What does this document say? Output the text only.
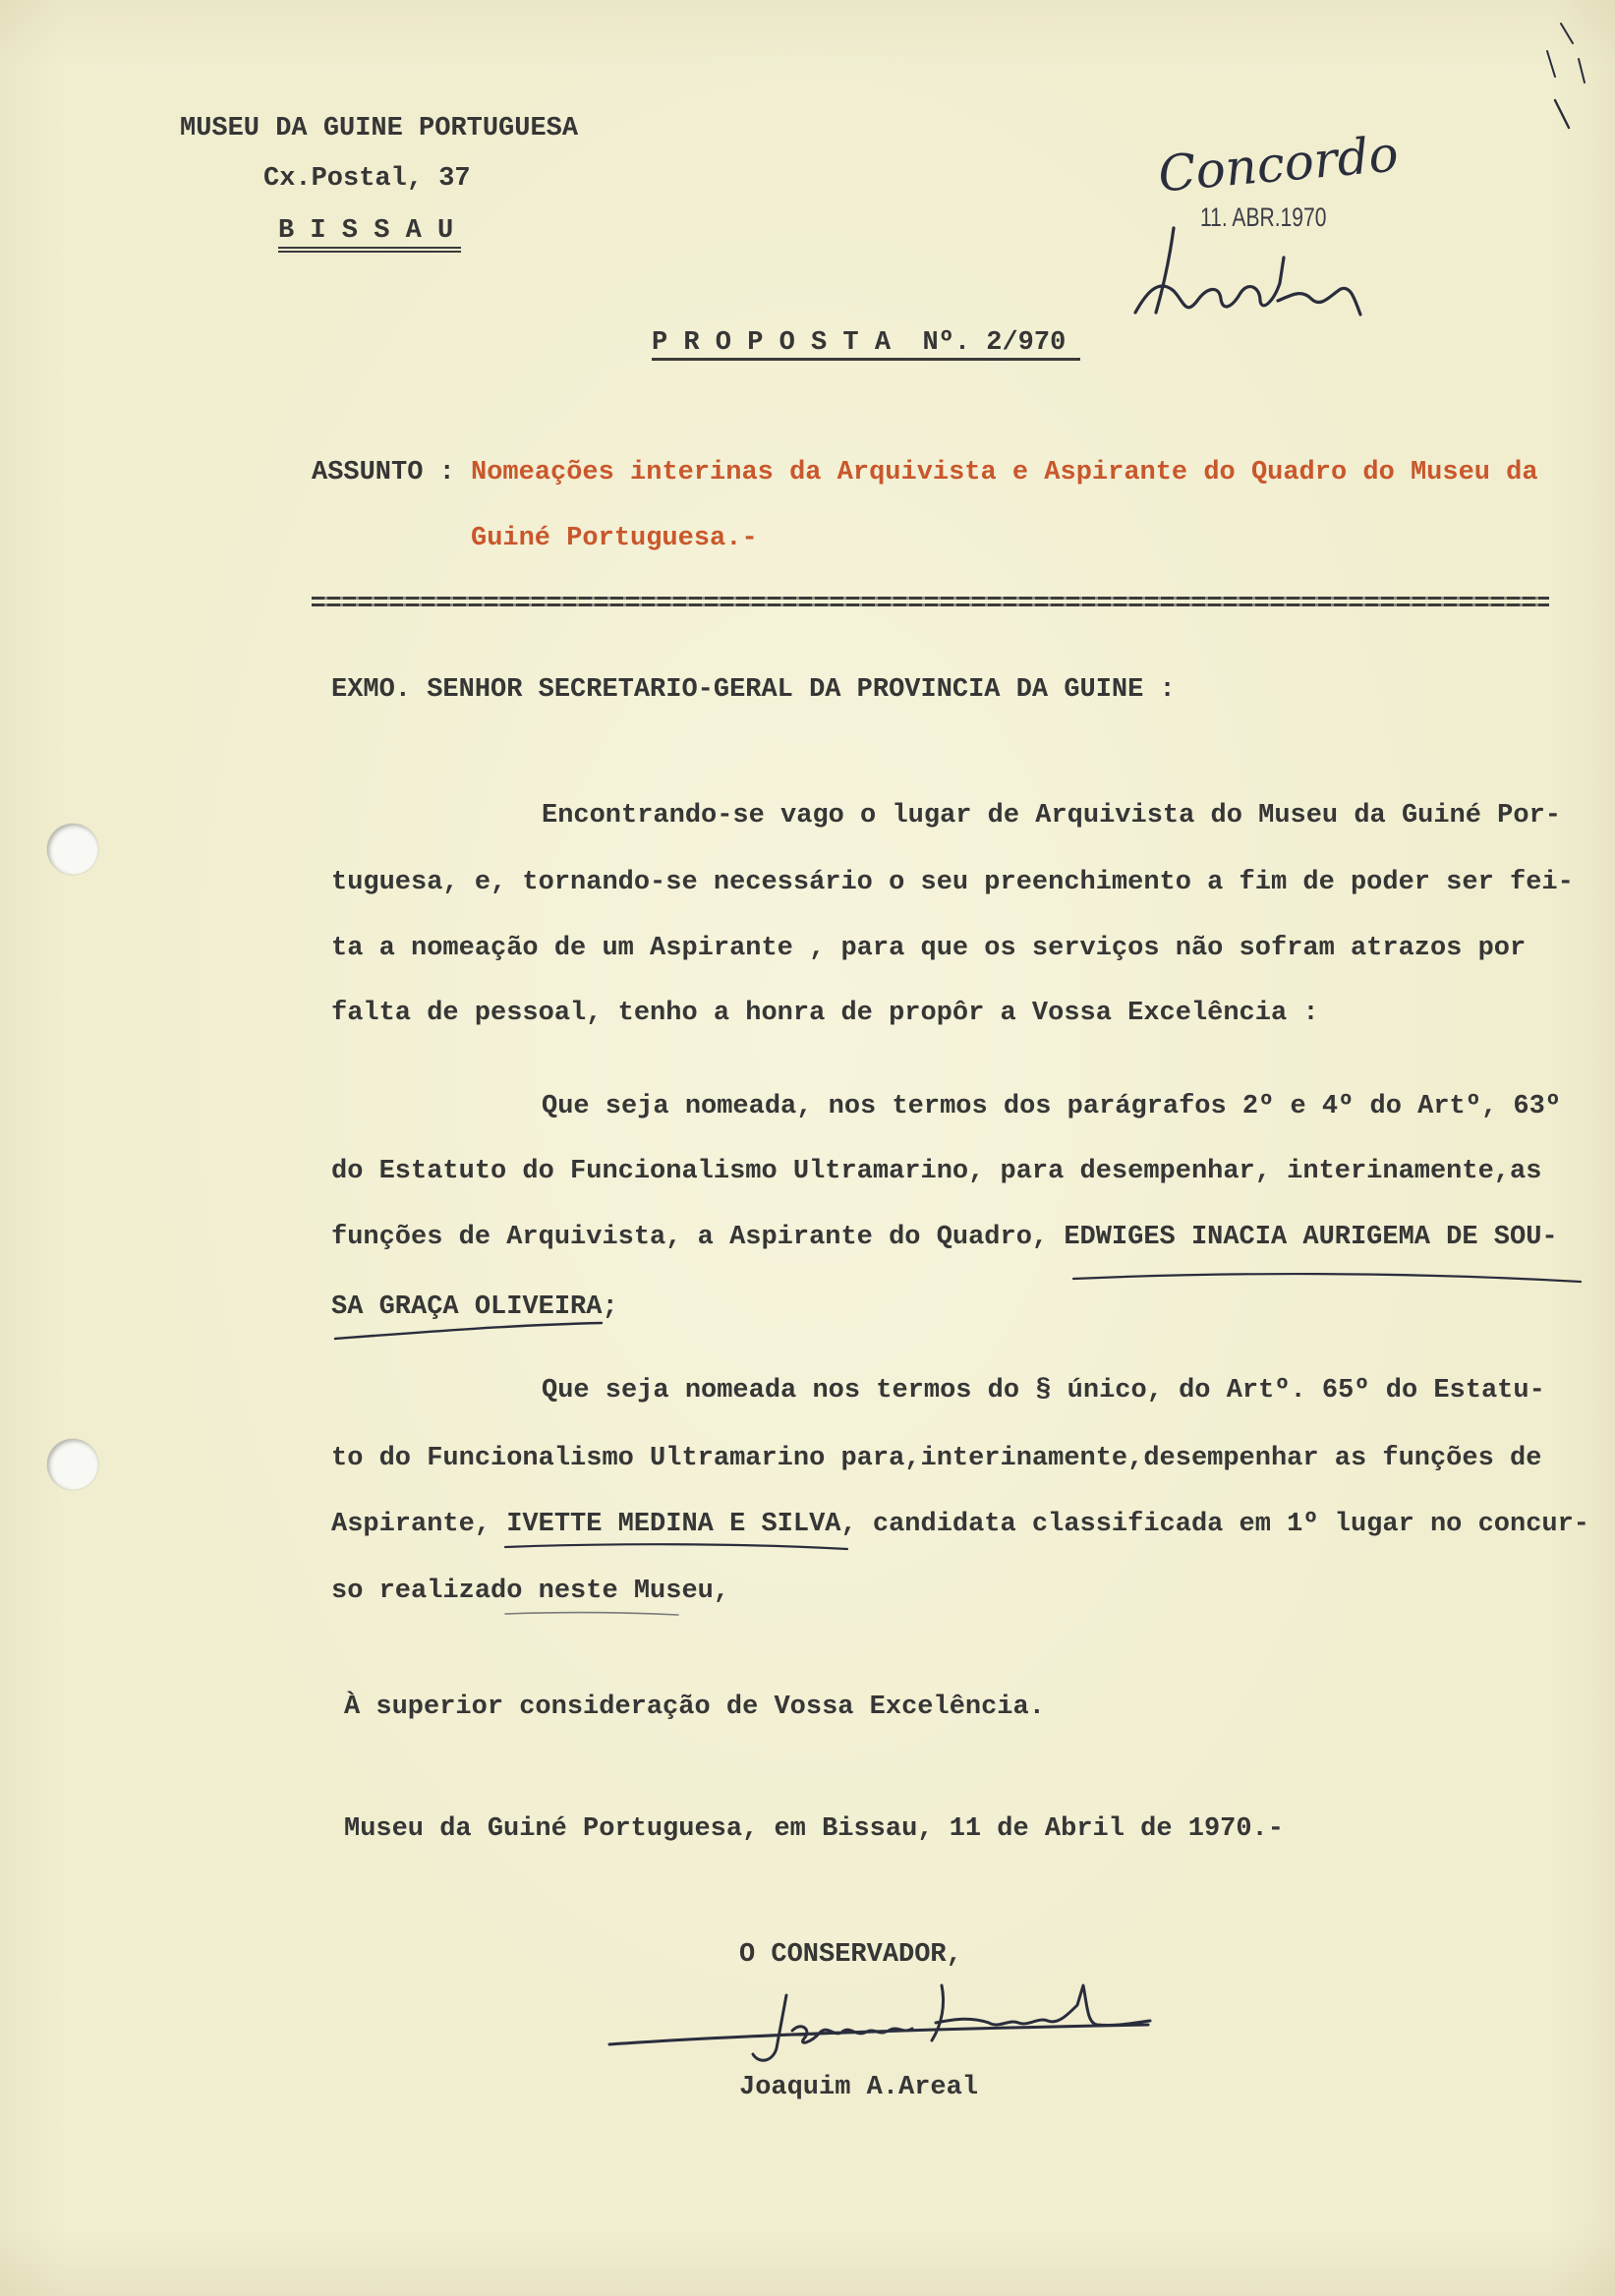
MUSEU DA GUINE PORTUGUESA
Cx.Postal, 37
B I S S A U
Concordo
11. ABR.1970
P R O P O S T A  Nº. 2/970
ASSUNTO : Nomeações interinas da Arquivista e Aspirante do Quadro do Museu da
Guiné Portuguesa.-
EXMO. SENHOR SECRETARIO-GERAL DA PROVINCIA DA GUINE :
Encontrando-se vago o lugar de Arquivista do Museu da Guiné Por-
tuguesa, e, tornando-se necessário o seu preenchimento a fim de poder ser fei-
ta a nomeação de um Aspirante , para que os serviços não sofram atrazos por
falta de pessoal, tenho a honra de propôr a Vossa Excelência :
Que seja nomeada, nos termos dos parágrafos 2º e 4º do Artº, 63º
do Estatuto do Funcionalismo Ultramarino, para desempenhar, interinamente,as
funções de Arquivista, a Aspirante do Quadro, EDWIGES INACIA AURIGEMA DE SOU-
SA GRAÇA OLIVEIRA;
Que seja nomeada nos termos do § único, do Artº. 65º do Estatu-
to do Funcionalismo Ultramarino para,interinamente,desempenhar as funções de
Aspirante, IVETTE MEDINA E SILVA, candidata classificada em 1º lugar no concur-
so realizado neste Museu,
À superior consideração de Vossa Excelência.
Museu da Guiné Portuguesa, em Bissau, 11 de Abril de 1970.-
O CONSERVADOR,
Joaquim A.Areal
